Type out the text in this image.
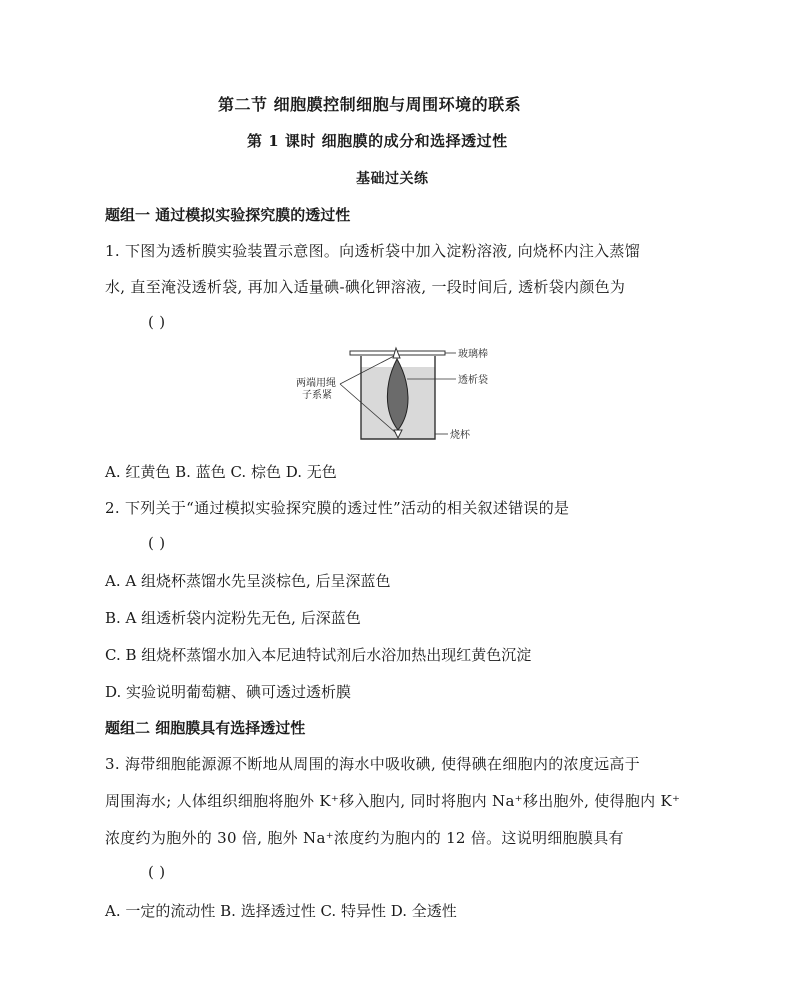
第二节 细胞膜控制细胞与周围环境的联系
第 1 课时 细胞膜的成分和选择透过性
基础过关练
题组一 通过模拟实验探究膜的透过性
1. 下图为透析膜实验装置示意图。向透析袋中加入淀粉溶液, 向烧杯内注入蒸馏
水, 直至淹没透析袋, 再加入适量碘-碘化钾溶液, 一段时间后, 透析袋内颜色为
( )
玻璃棒
透析袋
烧杯
两端用绳
子系紧
A. 红黄色 B. 蓝色 C. 棕色 D. 无色
2. 下列关于“通过模拟实验探究膜的透过性”活动的相关叙述错误的是
( )
A. A 组烧杯蒸馏水先呈淡棕色, 后呈深蓝色
B. A 组透析袋内淀粉先无色, 后深蓝色
C. B 组烧杯蒸馏水加入本尼迪特试剂后水浴加热出现红黄色沉淀
D. 实验说明葡萄糖、碘可透过透析膜
题组二 细胞膜具有选择透过性
3. 海带细胞能源源不断地从周围的海水中吸收碘, 使得碘在细胞内的浓度远高于
周围海水; 人体组织细胞将胞外 K⁺移入胞内, 同时将胞内 Na⁺移出胞外, 使得胞内 K⁺
浓度约为胞外的 30 倍, 胞外 Na⁺浓度约为胞内的 12 倍。这说明细胞膜具有
( )
A. 一定的流动性 B. 选择透过性 C. 特异性 D. 全透性
